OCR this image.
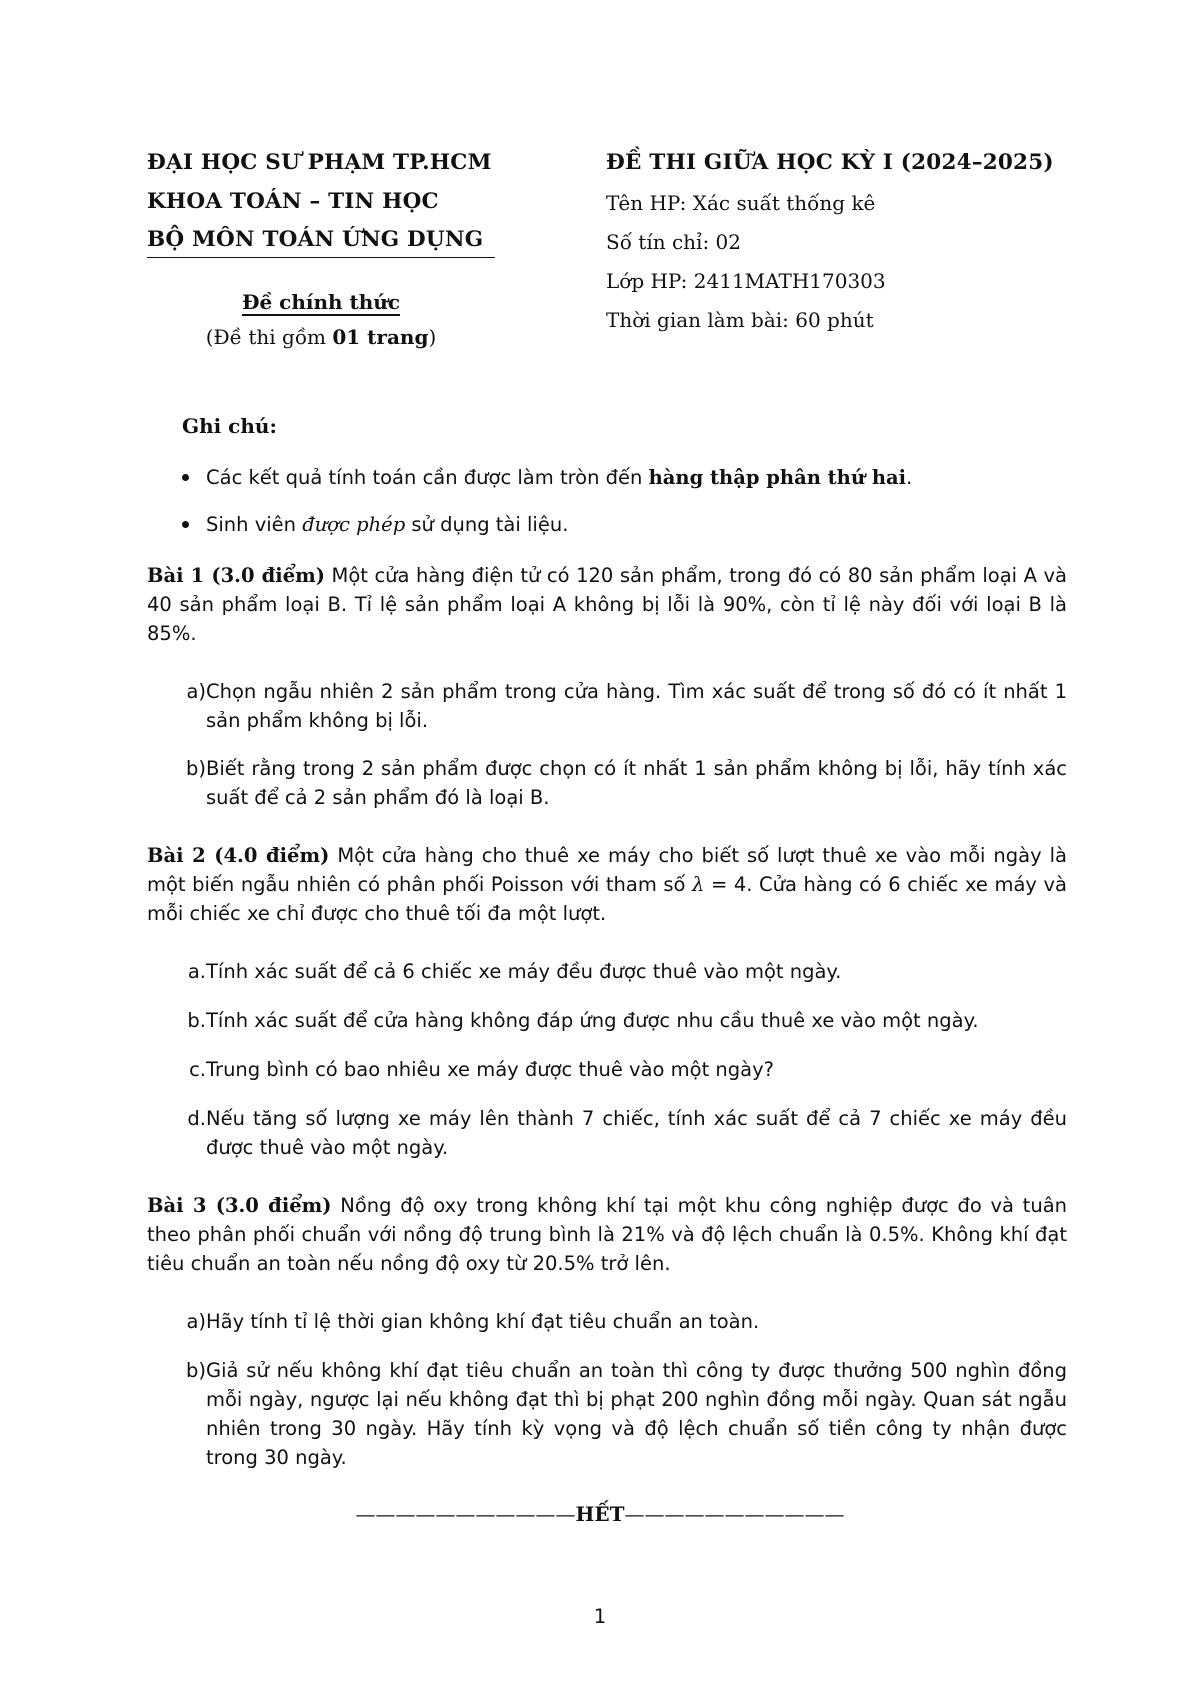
ĐẠI HỌC SƯ PHẠM TP.HCM
KHOA TOÁN – TIN HỌC
BỘ MÔN TOÁN ỨNG DỤNG
Đề chính thức
(Đề thi gồm 01 trang)
ĐỀ THI GIỮA HỌC KỲ I (2024–2025)
Tên HP: Xác suất thống kê
Số tín chỉ: 02
Lớp HP: 2411MATH170303
Thời gian làm bài: 60 phút
Ghi chú:
Các kết quả tính toán cần được làm tròn đến hàng thập phân thứ hai.
Sinh viên được phép sử dụng tài liệu.
Bài 1 (3.0 điểm) Một cửa hàng điện tử có 120 sản phẩm, trong đó có 80 sản phẩm loại A và 40 sản phẩm loại B. Tỉ lệ sản phẩm loại A không bị lỗi là 90%, còn tỉ lệ này đối với loại B là 85%.
a) Chọn ngẫu nhiên 2 sản phẩm trong cửa hàng. Tìm xác suất để trong số đó có ít nhất 1 sản phẩm không bị lỗi.
b) Biết rằng trong 2 sản phẩm được chọn có ít nhất 1 sản phẩm không bị lỗi, hãy tính xác suất để cả 2 sản phẩm đó là loại B.
Bài 2 (4.0 điểm) Một cửa hàng cho thuê xe máy cho biết số lượt thuê xe vào mỗi ngày là một biến ngẫu nhiên có phân phối Poisson với tham số λ = 4. Cửa hàng có 6 chiếc xe máy và mỗi chiếc xe chỉ được cho thuê tối đa một lượt.
a. Tính xác suất để cả 6 chiếc xe máy đều được thuê vào một ngày.
b. Tính xác suất để cửa hàng không đáp ứng được nhu cầu thuê xe vào một ngày.
c. Trung bình có bao nhiêu xe máy được thuê vào một ngày?
d. Nếu tăng số lượng xe máy lên thành 7 chiếc, tính xác suất để cả 7 chiếc xe máy đều được thuê vào một ngày.
Bài 3 (3.0 điểm) Nồng độ oxy trong không khí tại một khu công nghiệp được đo và tuân theo phân phối chuẩn với nồng độ trung bình là 21% và độ lệch chuẩn là 0.5%. Không khí đạt tiêu chuẩn an toàn nếu nồng độ oxy từ 20.5% trở lên.
a) Hãy tính tỉ lệ thời gian không khí đạt tiêu chuẩn an toàn.
b) Giả sử nếu không khí đạt tiêu chuẩn an toàn thì công ty được thưởng 500 nghìn đồng mỗi ngày, ngược lại nếu không đạt thì bị phạt 200 nghìn đồng mỗi ngày. Quan sát ngẫu nhiên trong 30 ngày. Hãy tính kỳ vọng và độ lệch chuẩn số tiền công ty nhận được trong 30 ngày.
———————————HẾT———————————
1
